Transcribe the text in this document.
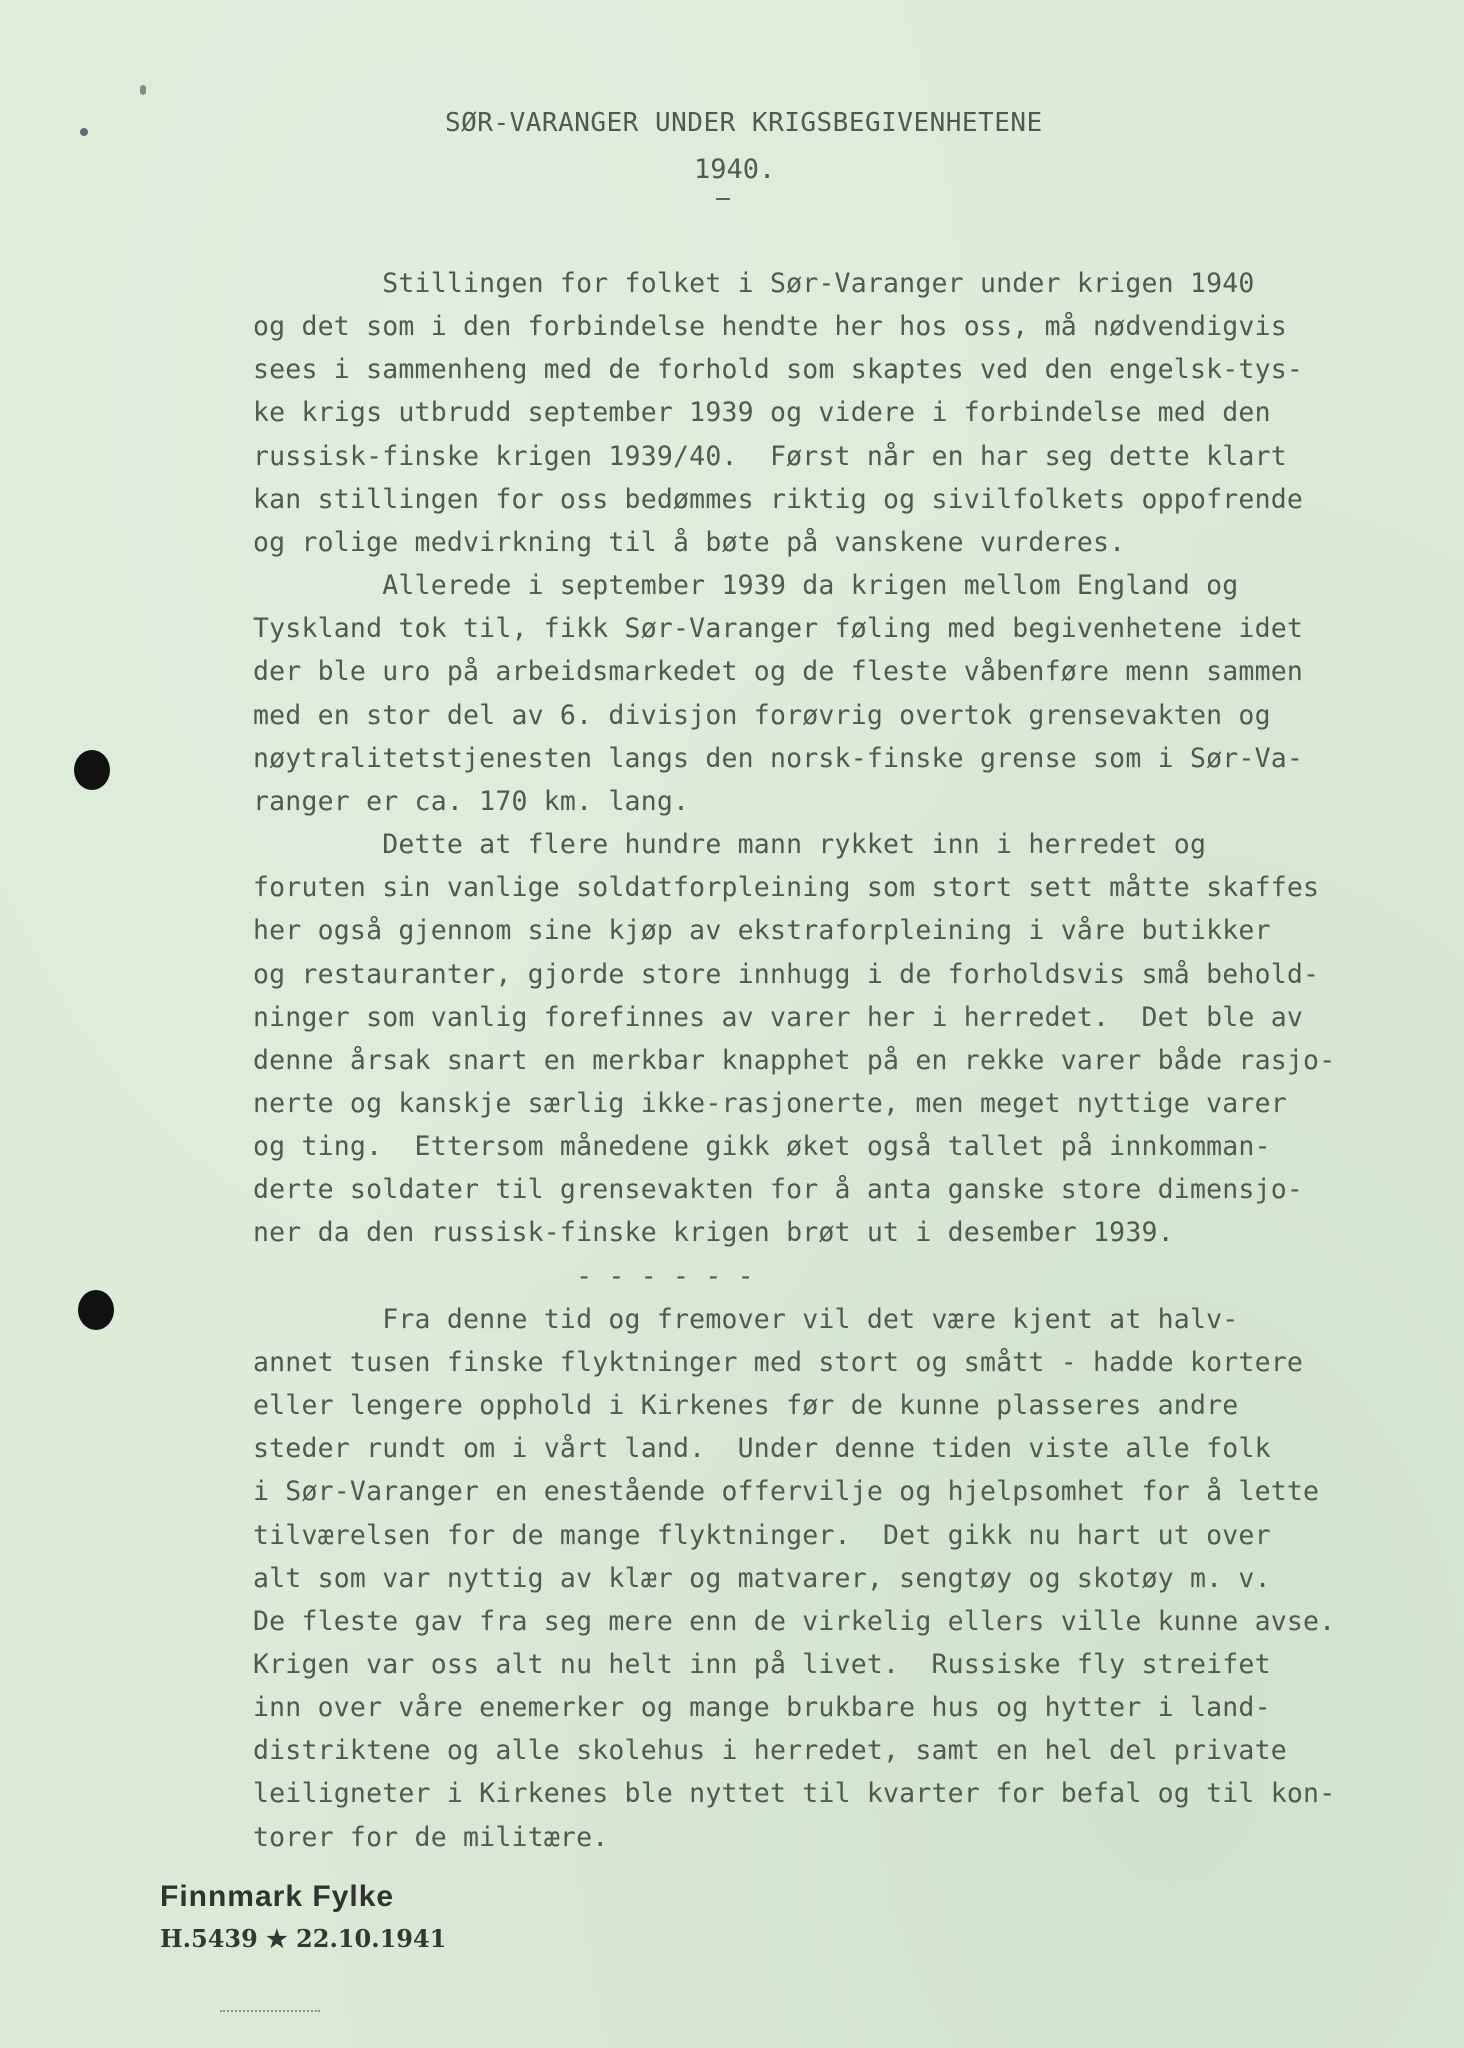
SØR-VARANGER UNDER KRIGSBEGIVENHETENE
1940.
Stillingen for folket i Sør-Varanger under krigen 1940
og det som i den forbindelse hendte her hos oss, må nødvendigvis
sees i sammenheng med de forhold som skaptes ved den engelsk-tys-
ke krigs utbrudd september 1939 og videre i forbindelse med den
russisk-finske krigen 1939/40.  Først når en har seg dette klart
kan stillingen for oss bedømmes riktig og sivilfolkets oppofrende
og rolige medvirkning til å bøte på vanskene vurderes.
Allerede i september 1939 da krigen mellom England og
Tyskland tok til, fikk Sør-Varanger føling med begivenhetene idet
der ble uro på arbeidsmarkedet og de fleste våbenføre menn sammen
med en stor del av 6. divisjon forøvrig overtok grensevakten og
nøytralitetstjenesten langs den norsk-finske grense som i Sør-Va-
ranger er ca. 170 km. lang.
Dette at flere hundre mann rykket inn i herredet og
foruten sin vanlige soldatforpleining som stort sett måtte skaffes
her også gjennom sine kjøp av ekstraforpleining i våre butikker
og restauranter, gjorde store innhugg i de forholdsvis små behold-
ninger som vanlig forefinnes av varer her i herredet.  Det ble av
denne årsak snart en merkbar knapphet på en rekke varer både rasjo-
nerte og kanskje særlig ikke-rasjonerte, men meget nyttige varer
og ting.  Ettersom månedene gikk øket også tallet på innkomman-
derte soldater til grensevakten for å anta ganske store dimensjo-
ner da den russisk-finske krigen brøt ut i desember 1939.
- - - - - -
Fra denne tid og fremover vil det være kjent at halv-
annet tusen finske flyktninger med stort og smått - hadde kortere
eller lengere opphold i Kirkenes før de kunne plasseres andre
steder rundt om i vårt land.  Under denne tiden viste alle folk
i Sør-Varanger en enestående offervilje og hjelpsomhet for å lette
tilværelsen for de mange flyktninger.  Det gikk nu hart ut over
alt som var nyttig av klær og matvarer, sengtøy og skotøy m. v.
De fleste gav fra seg mere enn de virkelig ellers ville kunne avse.
Krigen var oss alt nu helt inn på livet.  Russiske fly streifet
inn over våre enemerker og mange brukbare hus og hytter i land-
distriktene og alle skolehus i herredet, samt en hel del private
leiligneter i Kirkenes ble nyttet til kvarter for befal og til kon-
torer for de militære.
Finnmark Fylke
H.5439 ★ 22.10.1941
